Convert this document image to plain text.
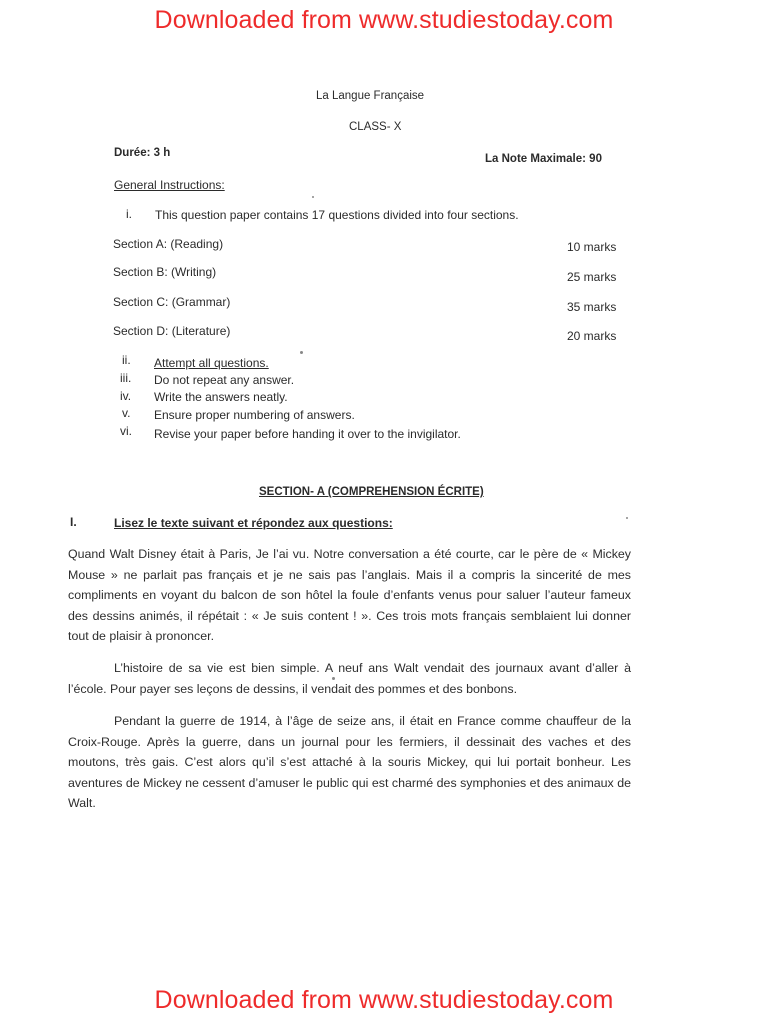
Downloaded from www.studiestoday.com
La Langue Française
CLASS- X
Durée: 3 h	La Note Maximale: 90
General Instructions:
i. This question paper contains 17 questions divided into four sections.
Section A: (Reading)	10 marks
Section B: (Writing)	25 marks
Section C: (Grammar)	35 marks
Section D: (Literature)	20 marks
ii. Attempt all questions.
iii. Do not repeat any answer.
iv. Write the answers neatly.
v. Ensure proper numbering of answers.
vi. Revise your paper before handing it over to the invigilator.
SECTION- A (COMPREHENSION ÉCRITE)
I.	Lisez le texte suivant et répondez aux questions:
Quand Walt Disney était à Paris, Je l’ai vu. Notre conversation a été courte, car le père de « Mickey Mouse » ne parlait pas français et je ne sais pas l’anglais. Mais il a compris la sincerité de mes compliments en voyant du balcon de son hôtel la foule d’enfants venus pour saluer l’auteur fameux des dessins animés, il répétait : « Je suis content ! ». Ces trois mots français semblaient lui donner tout de plaisir à prononcer.
L’histoire de sa vie est bien simple. A neuf ans Walt vendait des journaux avant d’aller à l’école. Pour payer ses leçons de dessins, il vendait des pommes et des bonbons.
Pendant la guerre de 1914, à l’âge de seize ans, il était en France comme chauffeur de la Croix-Rouge. Après la guerre, dans un journal pour les fermiers, il dessinait des vaches et des moutons, très gais. C’est alors qu’il s’est attaché à la souris Mickey, qui lui portait bonheur. Les aventures de Mickey ne cessent d’amuser le public qui est charmé des symphonies et des animaux de Walt.
Downloaded from www.studiestoday.com
